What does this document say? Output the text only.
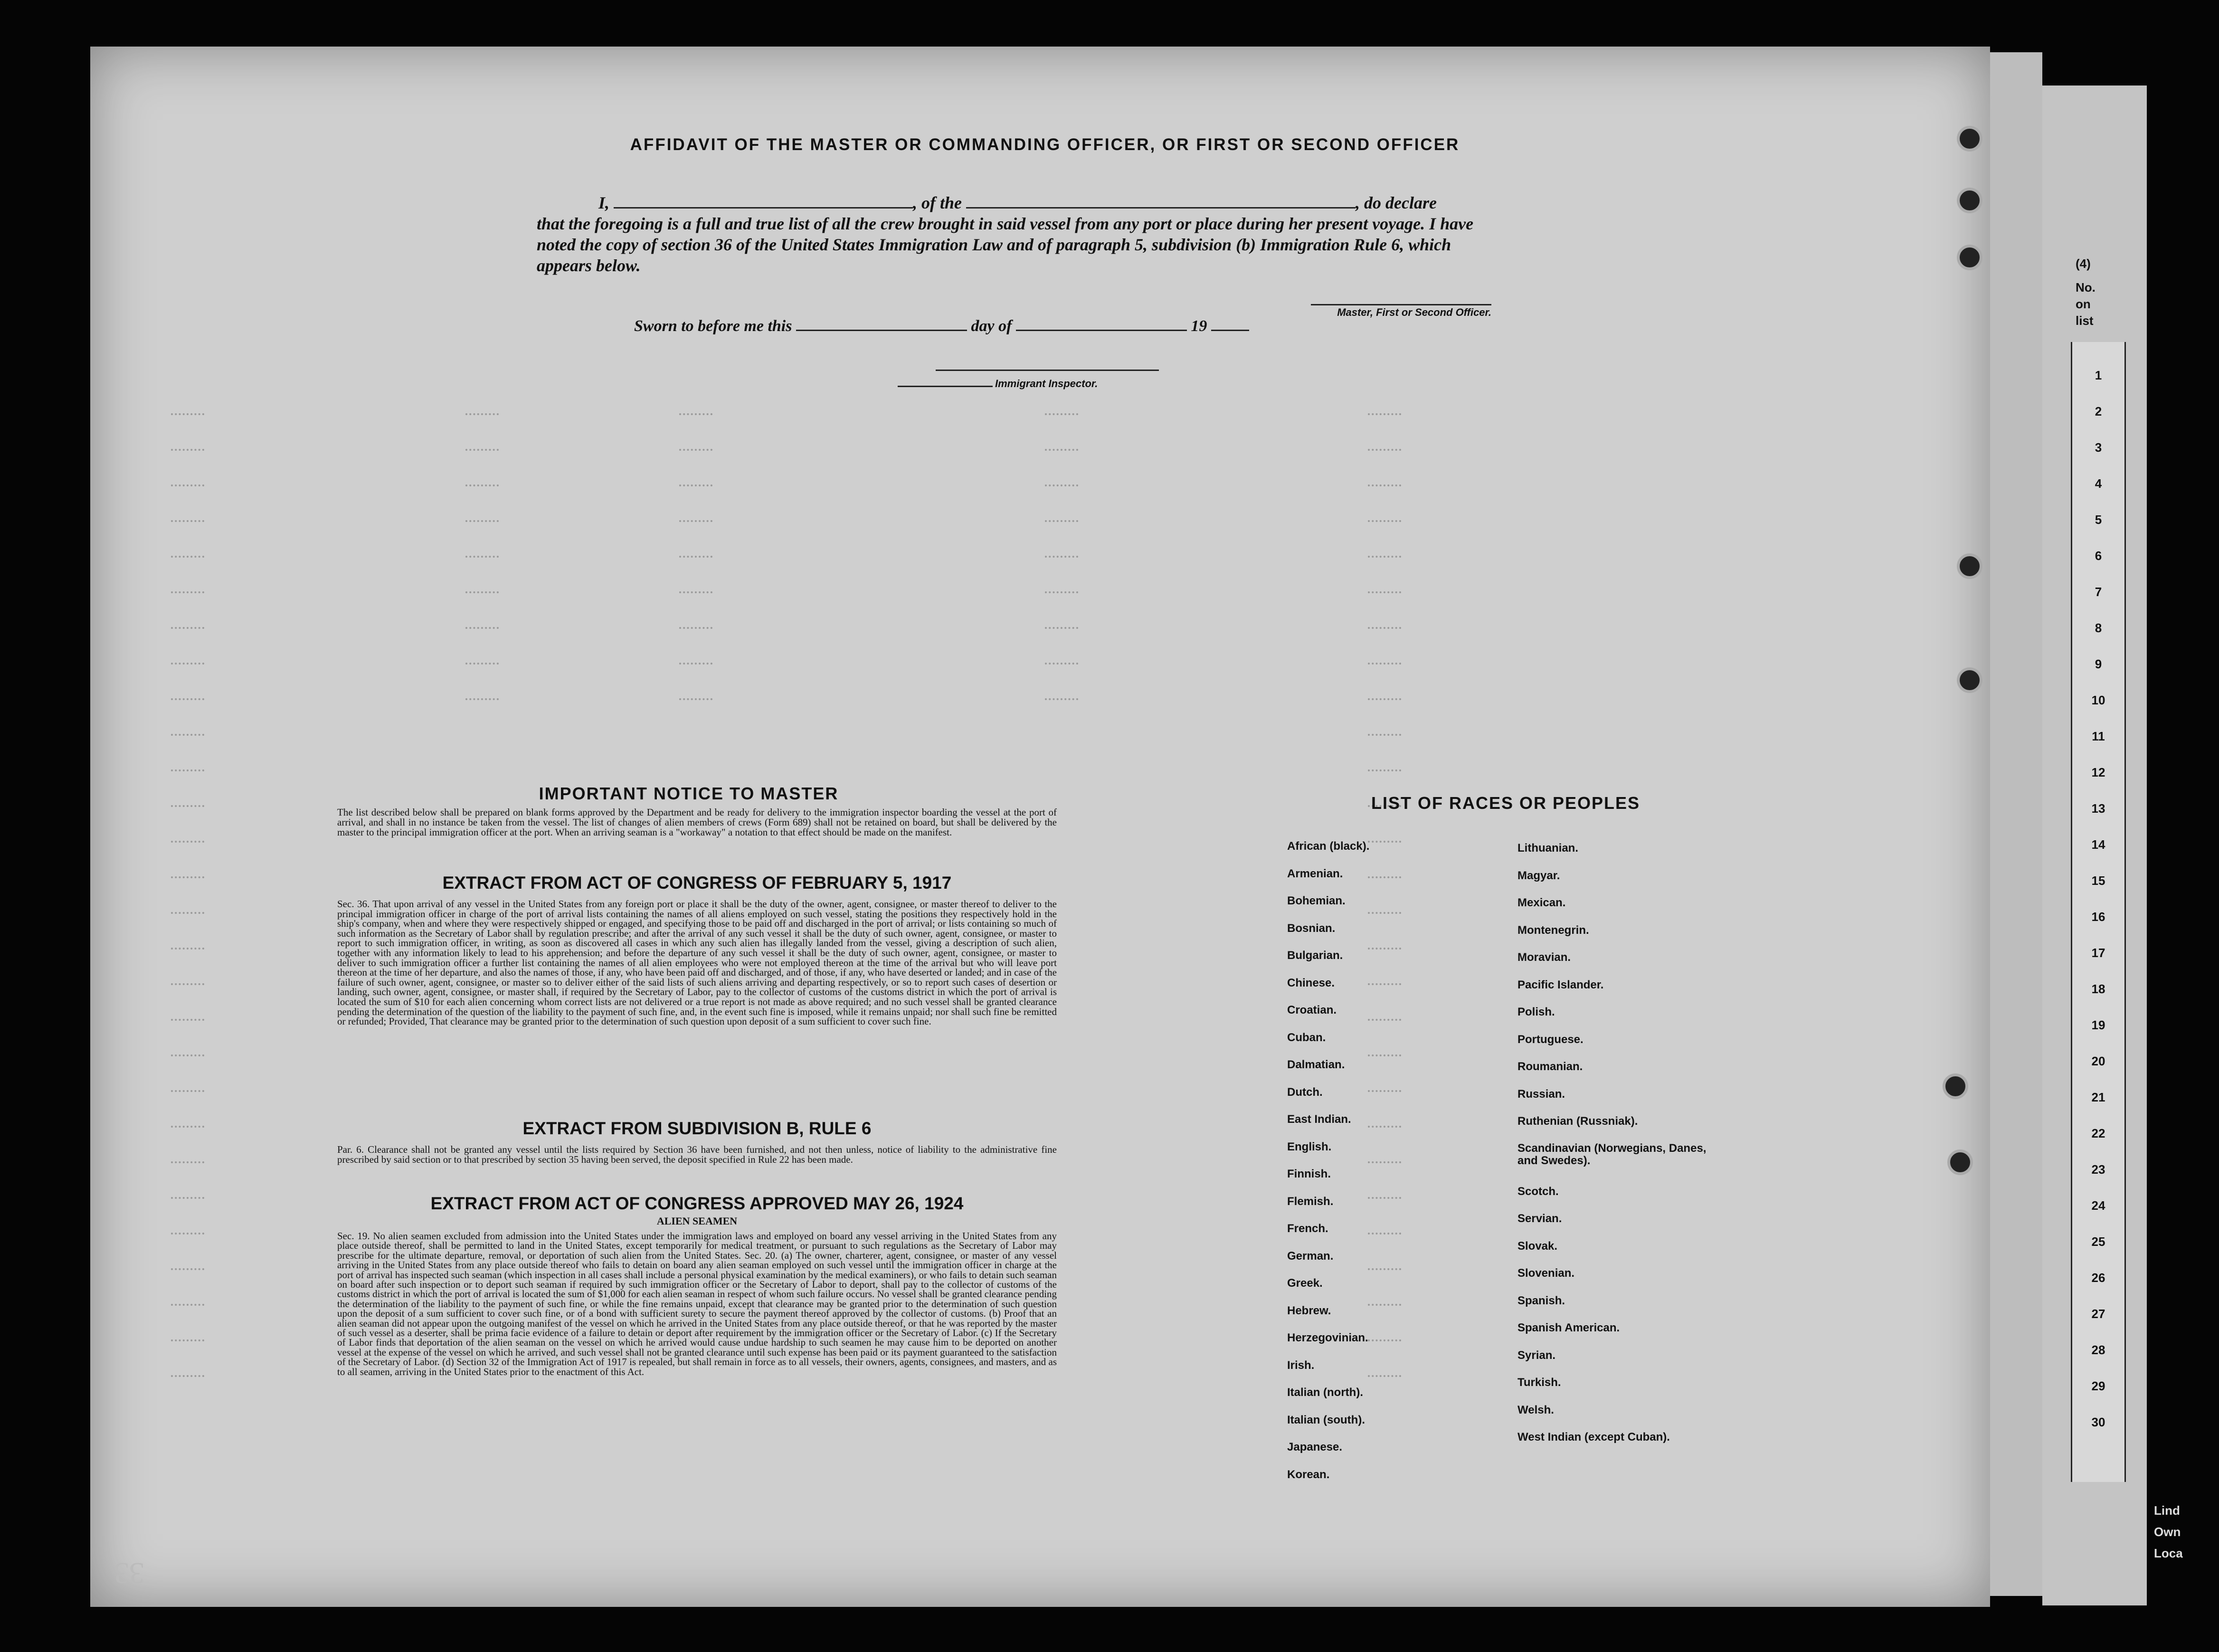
1
2
3
4
5
6
7
8
9
10
11
12
13
14
15
16
17
18
19
20
21
22
23
24
25
26
27
28
29
30
(4)
No.
on
list
Lind
Own
Loca
AFFIDAVIT OF THE MASTER OR COMMANDING OFFICER, OR FIRST OR SECOND OFFICER
I,	, of the	, do declare
that the foregoing is a full and true list of all the crew brought in said vessel from any port or place during her present voyage. I have noted the copy of section 36 of the United States Immigration Law and of paragraph 5, subdivision (b) Immigration Rule 6, which appears below.
Master, First or Second Officer.
Sworn to before me this	day of	19
Immigrant Inspector.
IMPORTANT NOTICE TO MASTER
The list described below shall be prepared on blank forms approved by the Department and be ready for delivery to the immigration inspector boarding the vessel at the port of arrival, and shall in no instance be taken from the vessel. The list of changes of alien members of crews (Form 689) shall not be retained on board, but shall be delivered by the master to the principal immigration officer at the port. When an arriving seaman is a "workaway" a notation to that effect should be made on the manifest.
EXTRACT FROM ACT OF CONGRESS OF FEBRUARY 5, 1917
Sec. 36. That upon arrival of any vessel in the United States from any foreign port or place it shall be the duty of the owner, agent, consignee, or master thereof to deliver to the principal immigration officer in charge of the port of arrival lists containing the names of all aliens employed on such vessel, stating the positions they respectively hold in the ship's company, when and where they were respectively shipped or engaged, and specifying those to be paid off and discharged in the port of arrival; or lists containing so much of such information as the Secretary of Labor shall by regulation prescribe; and after the arrival of any such vessel it shall be the duty of such owner, agent, consignee, or master to report to such immigration officer, in writing, as soon as discovered all cases in which any such alien has illegally landed from the vessel, giving a description of such alien, together with any information likely to lead to his apprehension; and before the departure of any such vessel it shall be the duty of such owner, agent, consignee, or master to deliver to such immigration officer a further list containing the names of all alien employees who were not employed thereon at the time of the arrival but who will leave port thereon at the time of her departure, and also the names of those, if any, who have been paid off and discharged, and of those, if any, who have deserted or landed; and in case of the failure of such owner, agent, consignee, or master so to deliver either of the said lists of such aliens arriving and departing respectively, or so to report such cases of desertion or landing, such owner, agent, consignee, or master shall, if required by the Secretary of Labor, pay to the collector of customs of the customs district in which the port of arrival is located the sum of $10 for each alien concerning whom correct lists are not delivered or a true report is not made as above required; and no such vessel shall be granted clearance pending the determination of the question of the liability to the payment of such fine, and, in the event such fine is imposed, while it remains unpaid; nor shall such fine be remitted or refunded; Provided, That clearance may be granted prior to the determination of such question upon deposit of a sum sufficient to cover such fine.
EXTRACT FROM SUBDIVISION B, RULE 6
Par. 6. Clearance shall not be granted any vessel until the lists required by Section 36 have been furnished, and not then unless, notice of liability to the administrative fine prescribed by said section or to that prescribed by section 35 having been served, the deposit specified in Rule 22 has been made.
EXTRACT FROM ACT OF CONGRESS APPROVED MAY 26, 1924
ALIEN SEAMEN
Sec. 19. No alien seamen excluded from admission into the United States under the immigration laws and employed on board any vessel arriving in the United States from any place outside thereof, shall be permitted to land in the United States, except temporarily for medical treatment, or pursuant to such regulations as the Secretary of Labor may prescribe for the ultimate departure, removal, or deportation of such alien from the United States. Sec. 20. (a) The owner, charterer, agent, consignee, or master of any vessel arriving in the United States from any place outside thereof who fails to detain on board any alien seaman employed on such vessel until the immigration officer in charge at the port of arrival has inspected such seaman (which inspection in all cases shall include a personal physical examination by the medical examiners), or who fails to detain such seaman on board after such inspection or to deport such seaman if required by such immigration officer or the Secretary of Labor to deport, shall pay to the collector of customs of the customs district in which the port of arrival is located the sum of $1,000 for each alien seaman in respect of whom such failure occurs. No vessel shall be granted clearance pending the determination of the liability to the payment of such fine, or while the fine remains unpaid, except that clearance may be granted prior to the determination of such question upon the deposit of a sum sufficient to cover such fine, or of a bond with sufficient surety to secure the payment thereof approved by the collector of customs. (b) Proof that an alien seaman did not appear upon the outgoing manifest of the vessel on which he arrived in the United States from any place outside thereof, or that he was reported by the master of such vessel as a deserter, shall be prima facie evidence of a failure to detain or deport after requirement by the immigration officer or the Secretary of Labor. (c) If the Secretary of Labor finds that deportation of the alien seaman on the vessel on which he arrived would cause undue hardship to such seamen he may cause him to be deported on another vessel at the expense of the vessel on which he arrived, and such vessel shall not be granted clearance until such expense has been paid or its payment guaranteed to the satisfaction of the Secretary of Labor. (d) Section 32 of the Immigration Act of 1917 is repealed, but shall remain in force as to all vessels, their owners, agents, consignees, and masters, and as to all seamen, arriving in the United States prior to the enactment of this Act.
LIST OF RACES OR PEOPLES
African (black).
Armenian.
Bohemian.
Bosnian.
Bulgarian.
Chinese.
Croatian.
Cuban.
Dalmatian.
Dutch.
East Indian.
English.
Finnish.
Flemish.
French.
German.
Greek.
Hebrew.
Herzegovinian.
Irish.
Italian (north).
Italian (south).
Japanese.
Korean.
Lithuanian.
Magyar.
Mexican.
Montenegrin.
Moravian.
Pacific Islander.
Polish.
Portuguese.
Roumanian.
Russian.
Ruthenian (Russniak).
Scandinavian (Norwegians, Danes, and Swedes).
Scotch.
Servian.
Slovak.
Slovenian.
Spanish.
Spanish American.
Syrian.
Turkish.
Welsh.
West Indian (except Cuban).
33
